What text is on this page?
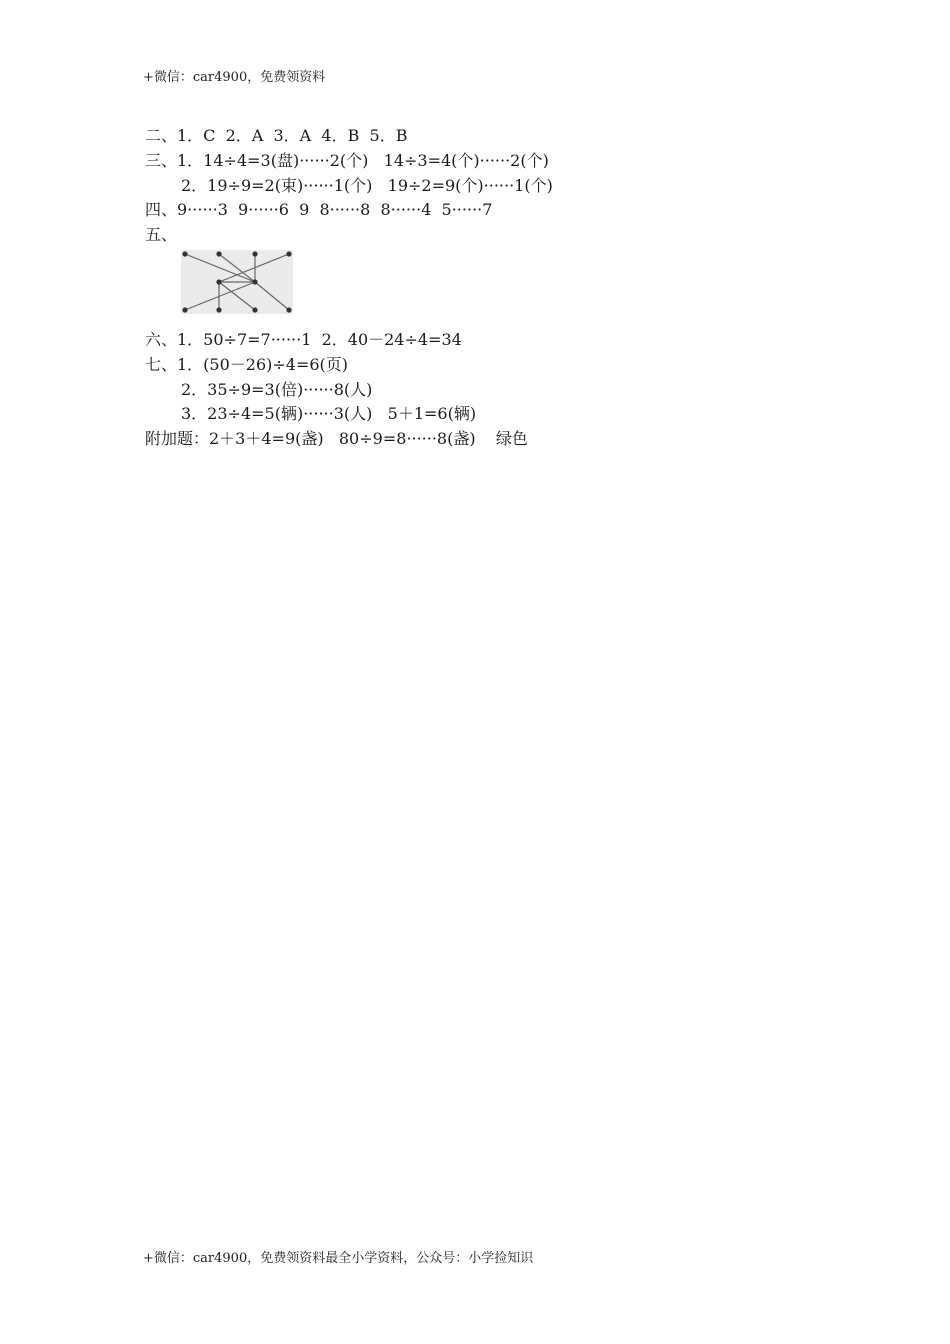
+微信：car4900，免费领资料
二、1．C  2．A  3．A  4．B  5．B
三、1．14÷4=3(盘)······2(个)   14÷3=4(个)······2(个)
2．19÷9=2(束)······1(个)   19÷2=9(个)······1(个)
四、9······3  9······6  9  8······8  8······4  5······7
五、
六、1．50÷7=7······1  2．40－24÷4=34
七、1．(50－26)÷4=6(页)
2．35÷9=3(倍)······8(人)
3．23÷4=5(辆)······3(人)   5＋1=6(辆)
附加题：2＋3＋4=9(盏)   80÷9=8······8(盏)    绿色
+微信：car4900，免费领资料最全小学资料，公众号：小学捡知识
